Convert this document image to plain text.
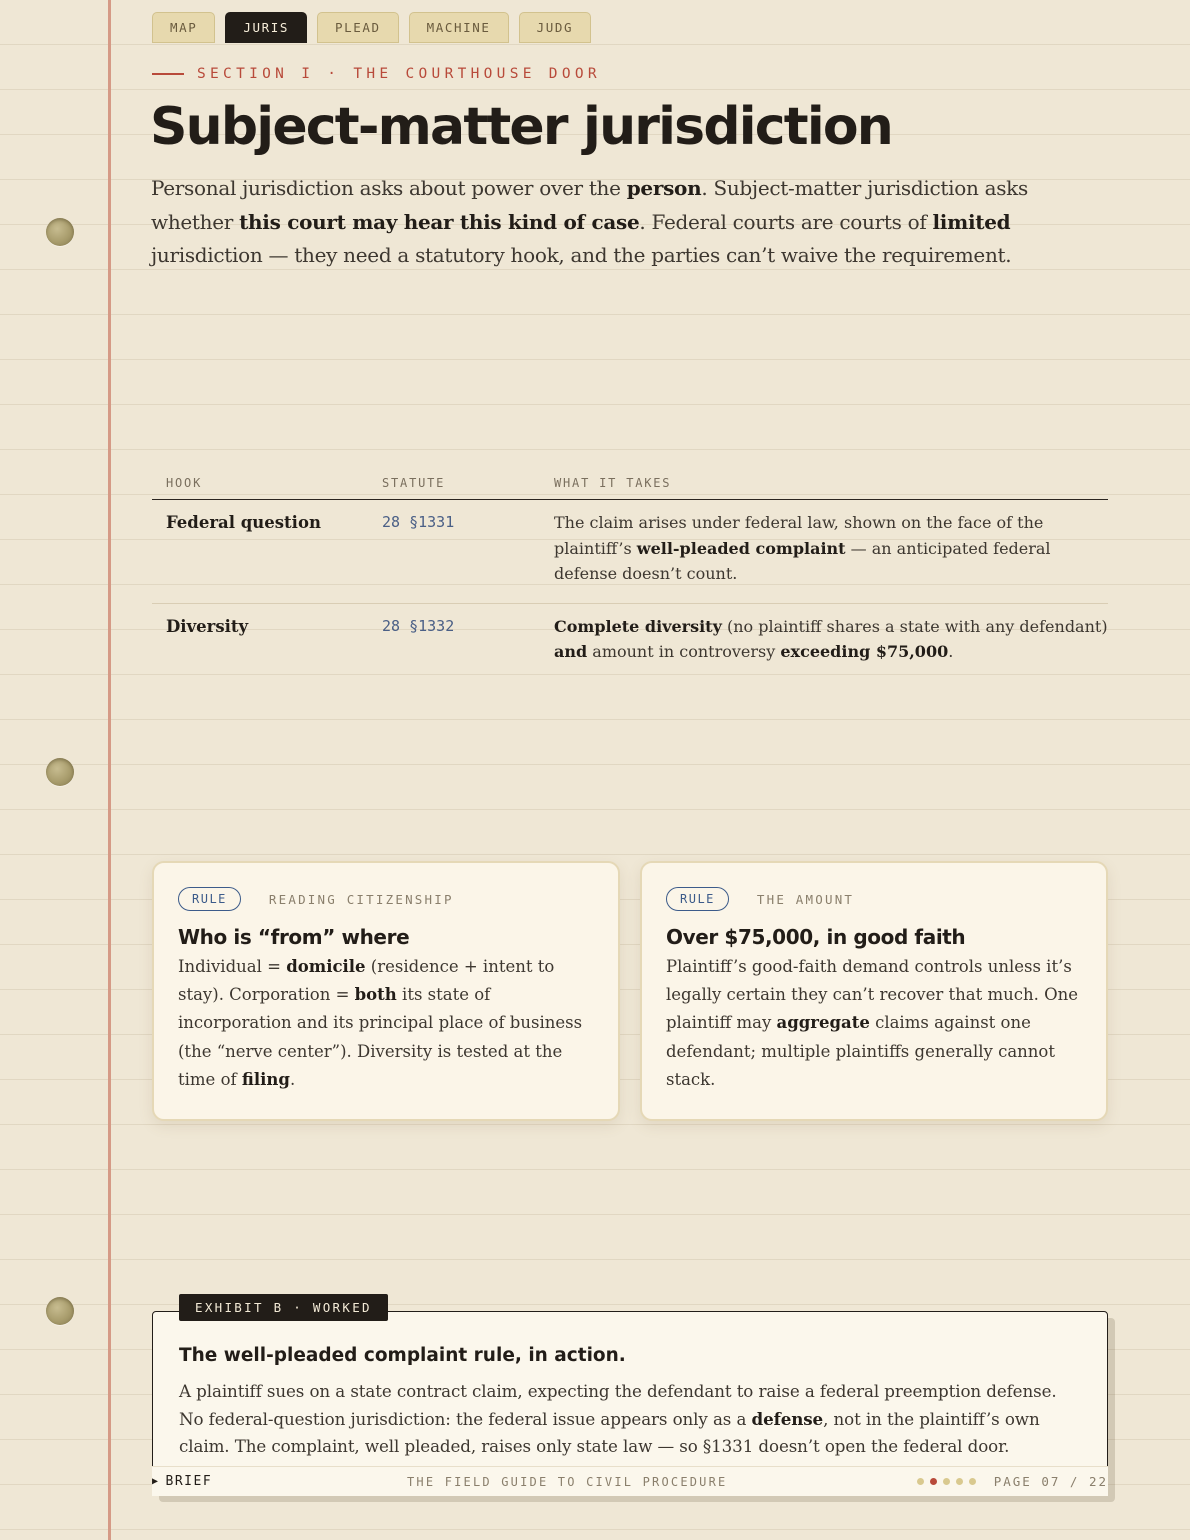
MAP	JURIS	PLEAD	MACHINE	JUDG
SECTION I · THE COURTHOUSE DOOR
Subject-matter jurisdiction

Personal jurisdiction asks about power over the person. Subject-matter jurisdiction asks whether this court may hear this kind of case. Federal courts are courts of limited jurisdiction — they need a statutory hook, and the parties can’t waive the requirement.

HOOK	STATUTE	WHAT IT TAKES
Federal question	28 §1331	The claim arises under federal law, shown on the face of the plaintiff’s well-pleaded complaint — an anticipated federal defense doesn’t count.
Diversity	28 §1332	Complete diversity (no plaintiff shares a state with any defendant) and amount in controversy exceeding $75,000.
RULE	READING CITIZENSHIP
Who is “from” where

Individual = domicile (residence + intent to stay). Corporation = both its state of incorporation and its principal place of business (the “nerve center”). Diversity is tested at the time of filing.

RULE	THE AMOUNT
Over $75,000, in good faith

Plaintiff’s good-faith demand controls unless it’s legally certain they can’t recover that much. One plaintiff may aggregate claims against one defendant; multiple plaintiffs generally cannot stack.

EXHIBIT B · WORKED
The well-pleaded complaint rule, in action.

A plaintiff sues on a state contract claim, expecting the defendant to raise a federal preemption defense. No federal-question jurisdiction: the federal issue appears only as a defense, not in the plaintiff’s own claim. The complaint, well pleaded, raises only state law — so §1331 doesn’t open the federal door.

▶ BRIEF	THE FIELD GUIDE TO CIVIL PROCEDURE	PAGE 07 / 22
